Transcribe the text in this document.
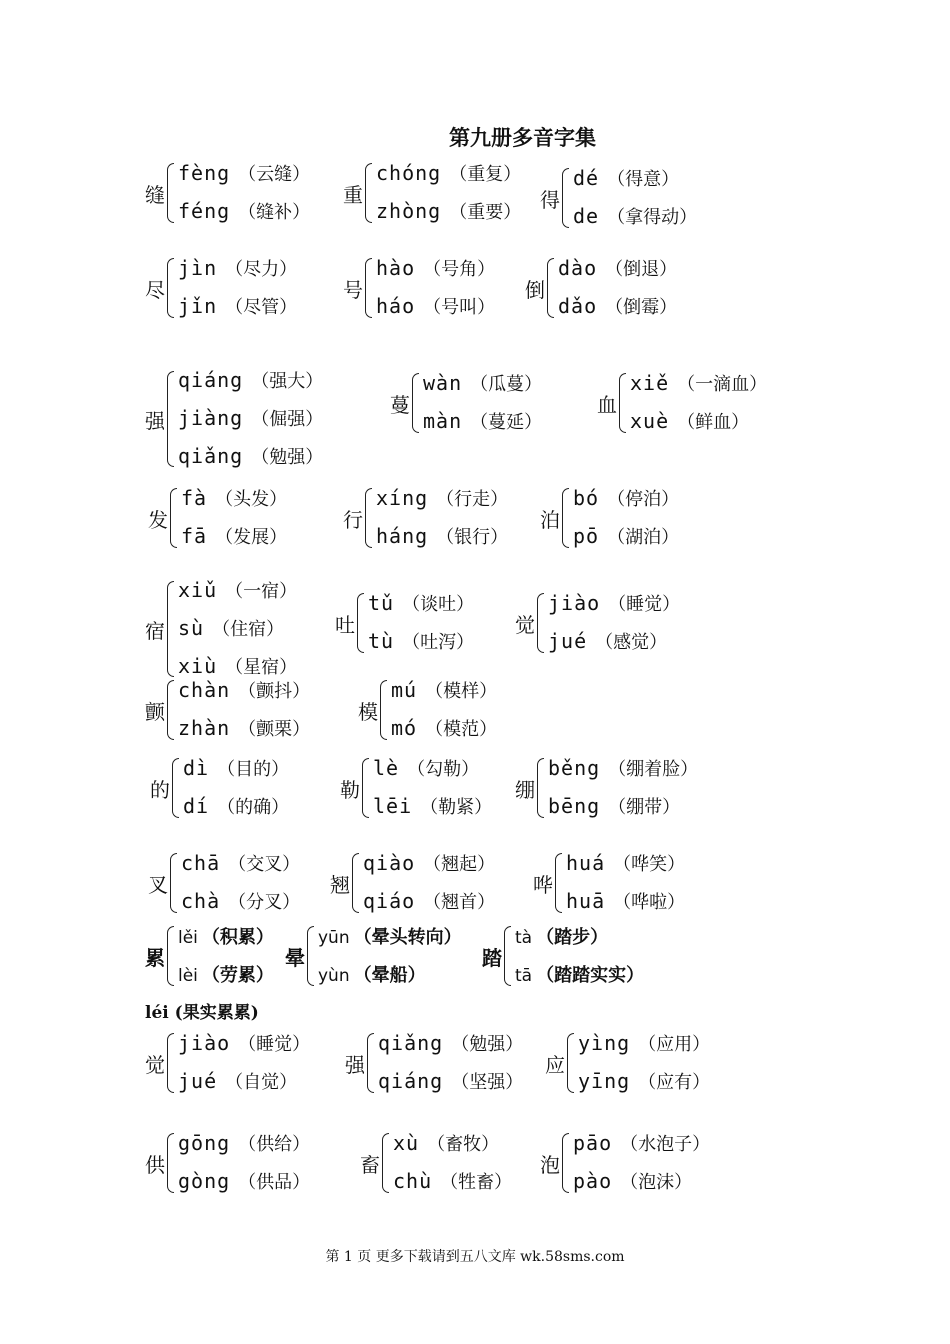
第九册多音字集
缝
fèng （云缝）
féng （缝补）
重
chóng （重复）
zhòng （重要）
得
dé （得意）
de （拿得动）
尽
jìn （尽力）
jǐn （尽管）
号
hào （号角）
háo （号叫）
倒
dào （倒退）
dǎo （倒霉）
强
qiáng （强大）
jiàng （倔强）
qiǎng （勉强）
蔓
wàn （瓜蔓）
màn （蔓延）
血
xiě （一滴血）
xuè （鲜血）
发
fà （头发）
fā （发展）
行
xíng （行走）
háng （银行）
泊
bó （停泊）
pō （湖泊）
宿
xiǔ （一宿）
sù （住宿）
xiù （星宿）
吐
tǔ （谈吐）
tù （吐泻）
觉
jiào （睡觉）
jué （感觉）
颤
chàn （颤抖）
zhàn （颤栗）
模
mú （模样）
mó （模范）
的
dì （目的）
dí （的确）
勒
lè （勾勒）
lēi （勒紧）
绷
běng （绷着脸）
bēng （绷带）
叉
chā （交叉）
chà （分叉）
翘
qiào （翘起）
qiáo （翘首）
哗
huá （哗笑）
huā （哗啦）
累
lěi （积累）
lèi （劳累）
晕
yūn （晕头转向）
yùn （晕船）
踏
tà （踏步）
tā （踏踏实实）
觉
jiào （睡觉）
jué （自觉）
强
qiǎng （勉强）
qiáng （坚强）
应
yìng （应用）
yīng （应有）
供
gōng （供给）
gòng （供品）
畜
xù （畜牧）
chù （牲畜）
泡
pāo （水泡子）
pào （泡沫）
léi (果实累累)
第 1 页 更多下载请到五八文库 wk.58sms.com
